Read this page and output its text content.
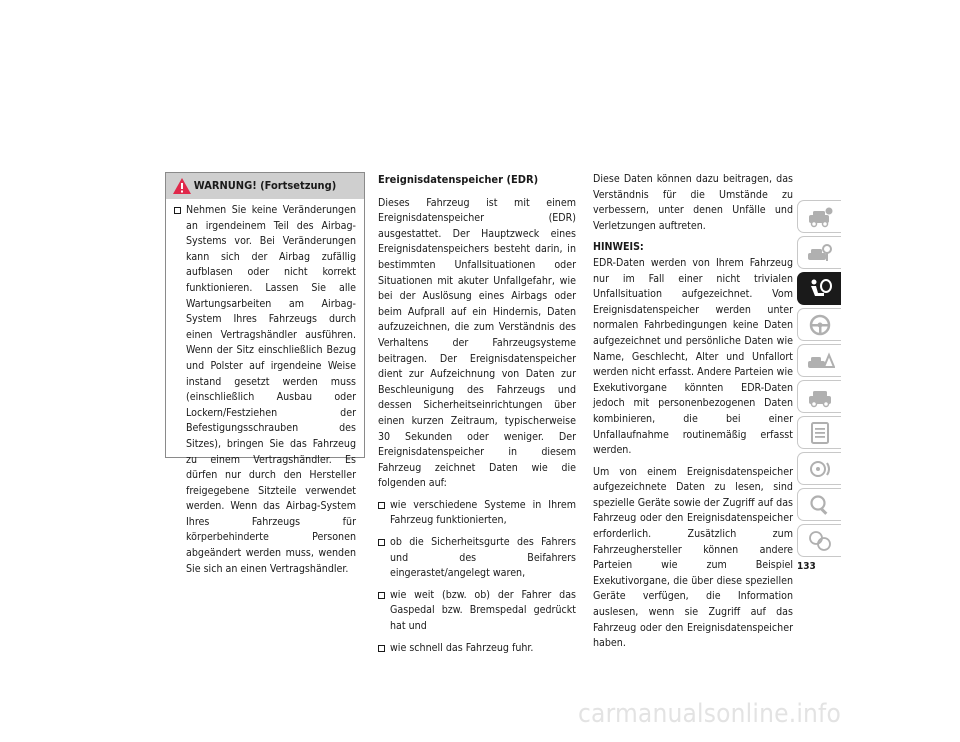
WARNUNG! (Fortsetzung)
Nehmen Sie keine Veränderungen an irgendeinem Teil des Airbag-Systems vor. Bei Veränderungen kann sich der Airbag zufällig aufblasen oder nicht korrekt funktionieren. Lassen Sie alle Wartungsarbeiten am Airbag-System Ihres Fahrzeugs durch einen Vertragshändler ausführen. Wenn der Sitz einschließlich Bezug und Polster auf irgendeine Weise instand gesetzt werden muss (einschließlich Ausbau oder Lockern/Festziehen der Befestigungsschrauben des Sitzes), bringen Sie das Fahrzeug zu einem Vertragshändler. Es dürfen nur durch den Hersteller freigegebene Sitzteile verwendet werden. Wenn das Airbag-System Ihres Fahrzeugs für körperbehinderte Personen abgeändert werden muss, wenden Sie sich an einen Vertragshändler.
Ereignisdatenspeicher (EDR)

Dieses Fahrzeug ist mit einem Ereignisdatenspeicher (EDR) ausgestattet. Der Hauptzweck eines Ereignisdatenspeichers besteht darin, in bestimmten Unfallsituationen oder Situationen mit akuter Unfallgefahr, wie bei der Auslösung eines Airbags oder beim Aufprall auf ein Hindernis, Daten aufzuzeichnen, die zum Verständnis des Verhaltens der Fahrzeugsysteme beitragen. Der Ereignisdatenspeicher dient zur Aufzeichnung von Daten zur Beschleunigung des Fahrzeugs und dessen Sicherheitseinrichtungen über einen kurzen Zeitraum, typischerweise 30 Sekunden oder weniger. Der Ereignisdatenspeicher in diesem Fahrzeug zeichnet Daten wie die folgenden auf:

wie verschiedene Systeme in Ihrem Fahrzeug funktionierten,
ob die Sicherheitsgurte des Fahrers und des Beifahrers eingerastet/angelegt waren,
wie weit (bzw. ob) der Fahrer das Gaspedal bzw. Bremspedal gedrückt hat und
wie schnell das Fahrzeug fuhr.

Diese Daten können dazu beitragen, das Verständnis für die Umstände zu verbessern, unter denen Unfälle und Verletzungen auftreten.

HINWEIS:

EDR-Daten werden von Ihrem Fahrzeug nur im Fall einer nicht trivialen Unfallsituation aufgezeichnet. Vom Ereignisdatenspeicher werden unter normalen Fahrbedingungen keine Daten aufgezeichnet und persönliche Daten wie Name, Geschlecht, Alter und Unfallort werden nicht erfasst. Andere Parteien wie Exekutivorgane könnten EDR-Daten jedoch mit personenbezogenen Daten kombinieren, die bei einer Unfallaufnahme routinemäßig erfasst werden.

Um von einem Ereignisdatenspeicher aufgezeichnete Daten zu lesen, sind spezielle Geräte sowie der Zugriff auf das Fahrzeug oder den Ereignisdatenspeicher erforderlich. Zusätzlich zum Fahrzeughersteller können andere Parteien wie zum Beispiel Exekutivorgane, die über diese speziellen Geräte verfügen, die Information auslesen, wenn sie Zugriff auf das Fahrzeug oder den Ereignisdatenspeicher haben.

133
carmanualsonline.info
